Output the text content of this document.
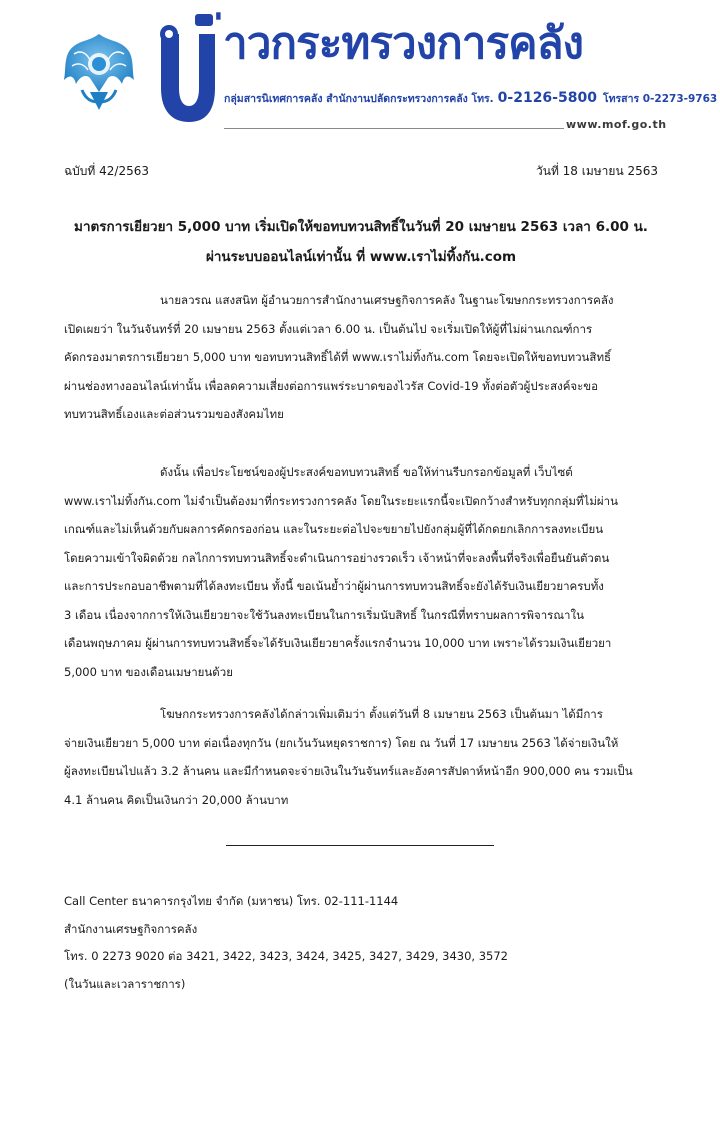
่าวกระทรวงการคลัง
กลุ่มสารนิเทศการคลัง สำนักงานปลัดกระทรวงการคลัง โทร. 0-2126-5800 โทรสาร 0-2273-9763
www.mof.go.th
ฉบับที่ 42/2563	วันที่ 18 เมษายน 2563
มาตรการเยียวยา 5,000 บาท เริ่มเปิดให้ขอทบทวนสิทธิ์ในวันที่ 20 เมษายน 2563 เวลา 6.00 น.
ผ่านระบบออนไลน์เท่านั้น ที่ www.เราไม่ทิ้งกัน.com
นายลวรณ แสงสนิท ผู้อำนวยการสำนักงานเศรษฐกิจการคลัง ในฐานะโฆษกกระทรวงการคลัง
เปิดเผยว่า ในวันจันทร์ที่ 20 เมษายน 2563 ตั้งแต่เวลา 6.00 น. เป็นต้นไป จะเริ่มเปิดให้ผู้ที่ไม่ผ่านเกณฑ์การ
คัดกรองมาตรการเยียวยา 5,000 บาท ขอทบทวนสิทธิ์ได้ที่ www.เราไม่ทิ้งกัน.com โดยจะเปิดให้ขอทบทวนสิทธิ์
ผ่านช่องทางออนไลน์เท่านั้น เพื่อลดความเสี่ยงต่อการแพร่ระบาดของไวรัส Covid-19 ทั้งต่อตัวผู้ประสงค์จะขอ
ทบทวนสิทธิ์เองและต่อส่วนรวมของสังคมไทย
ดังนั้น เพื่อประโยชน์ของผู้ประสงค์ขอทบทวนสิทธิ์ ขอให้ท่านรีบกรอกข้อมูลที่ เว็บไซต์
www.เราไม่ทิ้งกัน.com ไม่จำเป็นต้องมาที่กระทรวงการคลัง โดยในระยะแรกนี้จะเปิดกว้างสำหรับทุกกลุ่มที่ไม่ผ่าน
เกณฑ์และไม่เห็นด้วยกับผลการคัดกรองก่อน และในระยะต่อไปจะขยายไปยังกลุ่มผู้ที่ได้กดยกเลิกการลงทะเบียน
โดยความเข้าใจผิดด้วย กลไกการทบทวนสิทธิ์จะดำเนินการอย่างรวดเร็ว เจ้าหน้าที่จะลงพื้นที่จริงเพื่อยืนยันตัวตน
และการประกอบอาชีพตามที่ได้ลงทะเบียน ทั้งนี้ ขอเน้นย้ำว่าผู้ผ่านการทบทวนสิทธิ์จะยังได้รับเงินเยียวยาครบทั้ง
3 เดือน เนื่องจากการให้เงินเยียวยาจะใช้วันลงทะเบียนในการเริ่มนับสิทธิ์ ในกรณีที่ทราบผลการพิจารณาใน
เดือนพฤษภาคม ผู้ผ่านการทบทวนสิทธิ์จะได้รับเงินเยียวยาครั้งแรกจำนวน 10,000 บาท เพราะได้รวมเงินเยียวยา
5,000 บาท ของเดือนเมษายนด้วย
โฆษกกระทรวงการคลังได้กล่าวเพิ่มเติมว่า ตั้งแต่วันที่ 8 เมษายน 2563 เป็นต้นมา ได้มีการ
จ่ายเงินเยียวยา 5,000 บาท ต่อเนื่องทุกวัน (ยกเว้นวันหยุดราชการ) โดย ณ วันที่ 17 เมษายน 2563 ได้จ่ายเงินให้
ผู้ลงทะเบียนไปแล้ว 3.2 ล้านคน และมีกำหนดจะจ่ายเงินในวันจันทร์และอังคารสัปดาห์หน้าอีก 900,000 คน รวมเป็น
4.1 ล้านคน คิดเป็นเงินกว่า 20,000 ล้านบาท
Call Center ธนาคารกรุงไทย จำกัด (มหาชน) โทร. 02-111-1144
สำนักงานเศรษฐกิจการคลัง
โทร. 0 2273 9020 ต่อ 3421, 3422, 3423, 3424, 3425, 3427, 3429, 3430, 3572
(ในวันและเวลาราชการ)
